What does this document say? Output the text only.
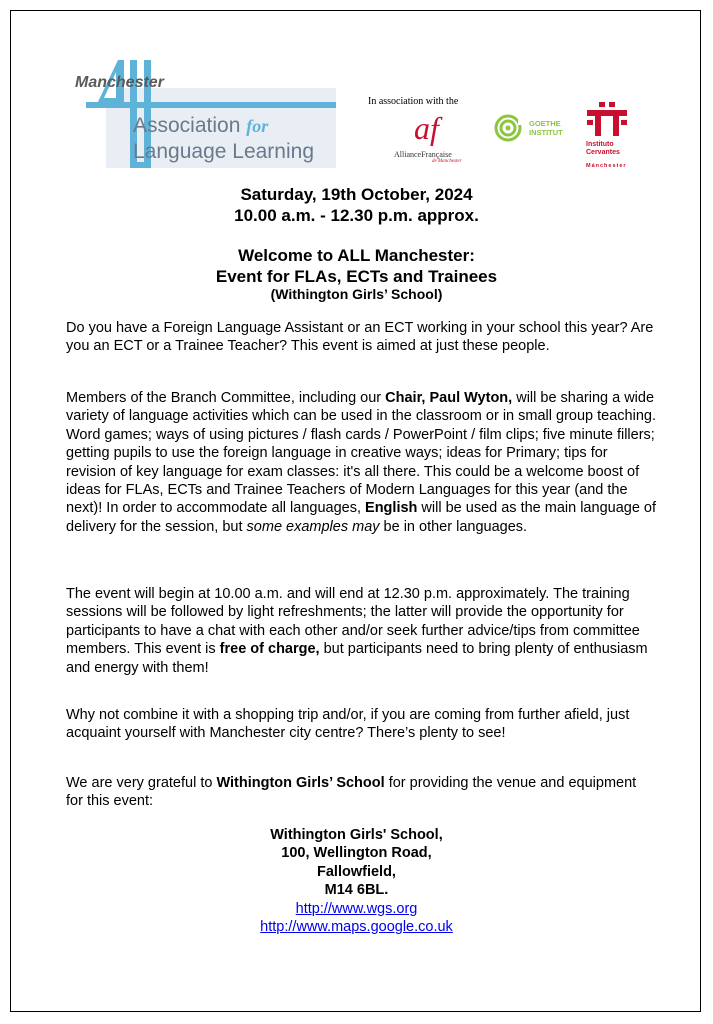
Manchester
Association for
Language Learning
In association with the
af
AllianceFrançaise
de Manchester
GOETHE
INSTITUT
Instituto
Cervantes
Mánchester
Saturday, 19th October, 2024
10.00 a.m. - 12.30 p.m. approx.
Welcome to ALL Manchester:
Event for FLAs, ECTs and Trainees
(Withington Girls’ School)

Do you have a Foreign Language Assistant or an ECT working in your school this year? Are you an ECT or a Trainee Teacher? This event is aimed at just these people.

Members of the Branch Committee, including our Chair, Paul Wyton, will be sharing a wide variety of language activities which can be used in the classroom or in small group teaching. Word games; ways of using pictures / flash cards / PowerPoint / film clips; five minute fillers; getting pupils to use the foreign language in creative ways; ideas for Primary; tips for revision of key language for exam classes: it's all there. This could be a welcome boost of ideas for FLAs, ECTs and Trainee Teachers of Modern Languages for this year (and the next)! In order to accommodate all languages, English will be used as the main language of delivery for the session, but some examples may be in other languages.

The event will begin at 10.00 a.m. and will end at 12.30 p.m. approximately. The training sessions will be followed by light refreshments; the latter will provide the opportunity for participants to have a chat with each other and/or seek further advice/tips from committee members. This event is free of charge, but participants need to bring plenty of enthusiasm and energy with them!

Why not combine it with a shopping trip and/or, if you are coming from further afield, just acquaint yourself with Manchester city centre? There’s plenty to see!

We are very grateful to Withington Girls’ School for providing the venue and equipment for this event:

Withington Girls' School,
100, Wellington Road,
Fallowfield,
M14 6BL.
http://www.wgs.org
http://www.maps.google.co.uk
